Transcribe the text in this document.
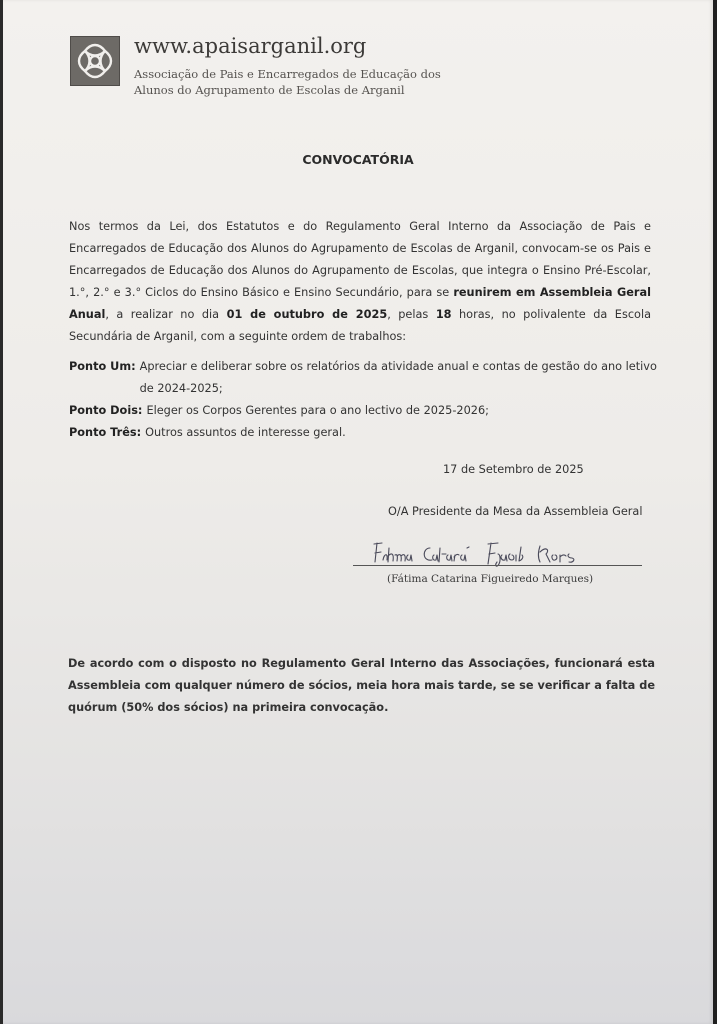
www.apaisarganil.org

Associação de Pais e Encarregados de Educação dos
Alunos do Agrupamento de Escolas de Arganil

CONVOCATÓRIA

Nos termos da Lei, dos Estatutos e do Regulamento Geral Interno da Associação de Pais e Encarregados de Educação dos Alunos do Agrupamento de Escolas de Arganil, convocam-se os Pais e Encarregados de Educação dos Alunos do Agrupamento de Escolas, que integra o Ensino Pré-Escolar, 1.°, 2.° e 3.° Ciclos do Ensino Básico e Ensino Secundário, para se reunirem em Assembleia Geral Anual, a realizar no dia 01 de outubro de 2025, pelas 18 horas, no polivalente da Escola Secundária de Arganil, com a seguinte ordem de trabalhos:

Ponto Um: Apreciar e deliberar sobre os relatórios da atividade anual e contas de gestão do ano letivo de 2024-2025;
Ponto Dois: Eleger os Corpos Gerentes para o ano lectivo de 2025-2026;
Ponto Três: Outros assuntos de interesse geral.

17 de Setembro de 2025

O/A Presidente da Mesa da Assembleia Geral

(Fátima Catarina Figueiredo Marques)

De acordo com o disposto no Regulamento Geral Interno das Associações, funcionará esta Assembleia com qualquer número de sócios, meia hora mais tarde, se se verificar a falta de quórum (50% dos sócios) na primeira convocação.
